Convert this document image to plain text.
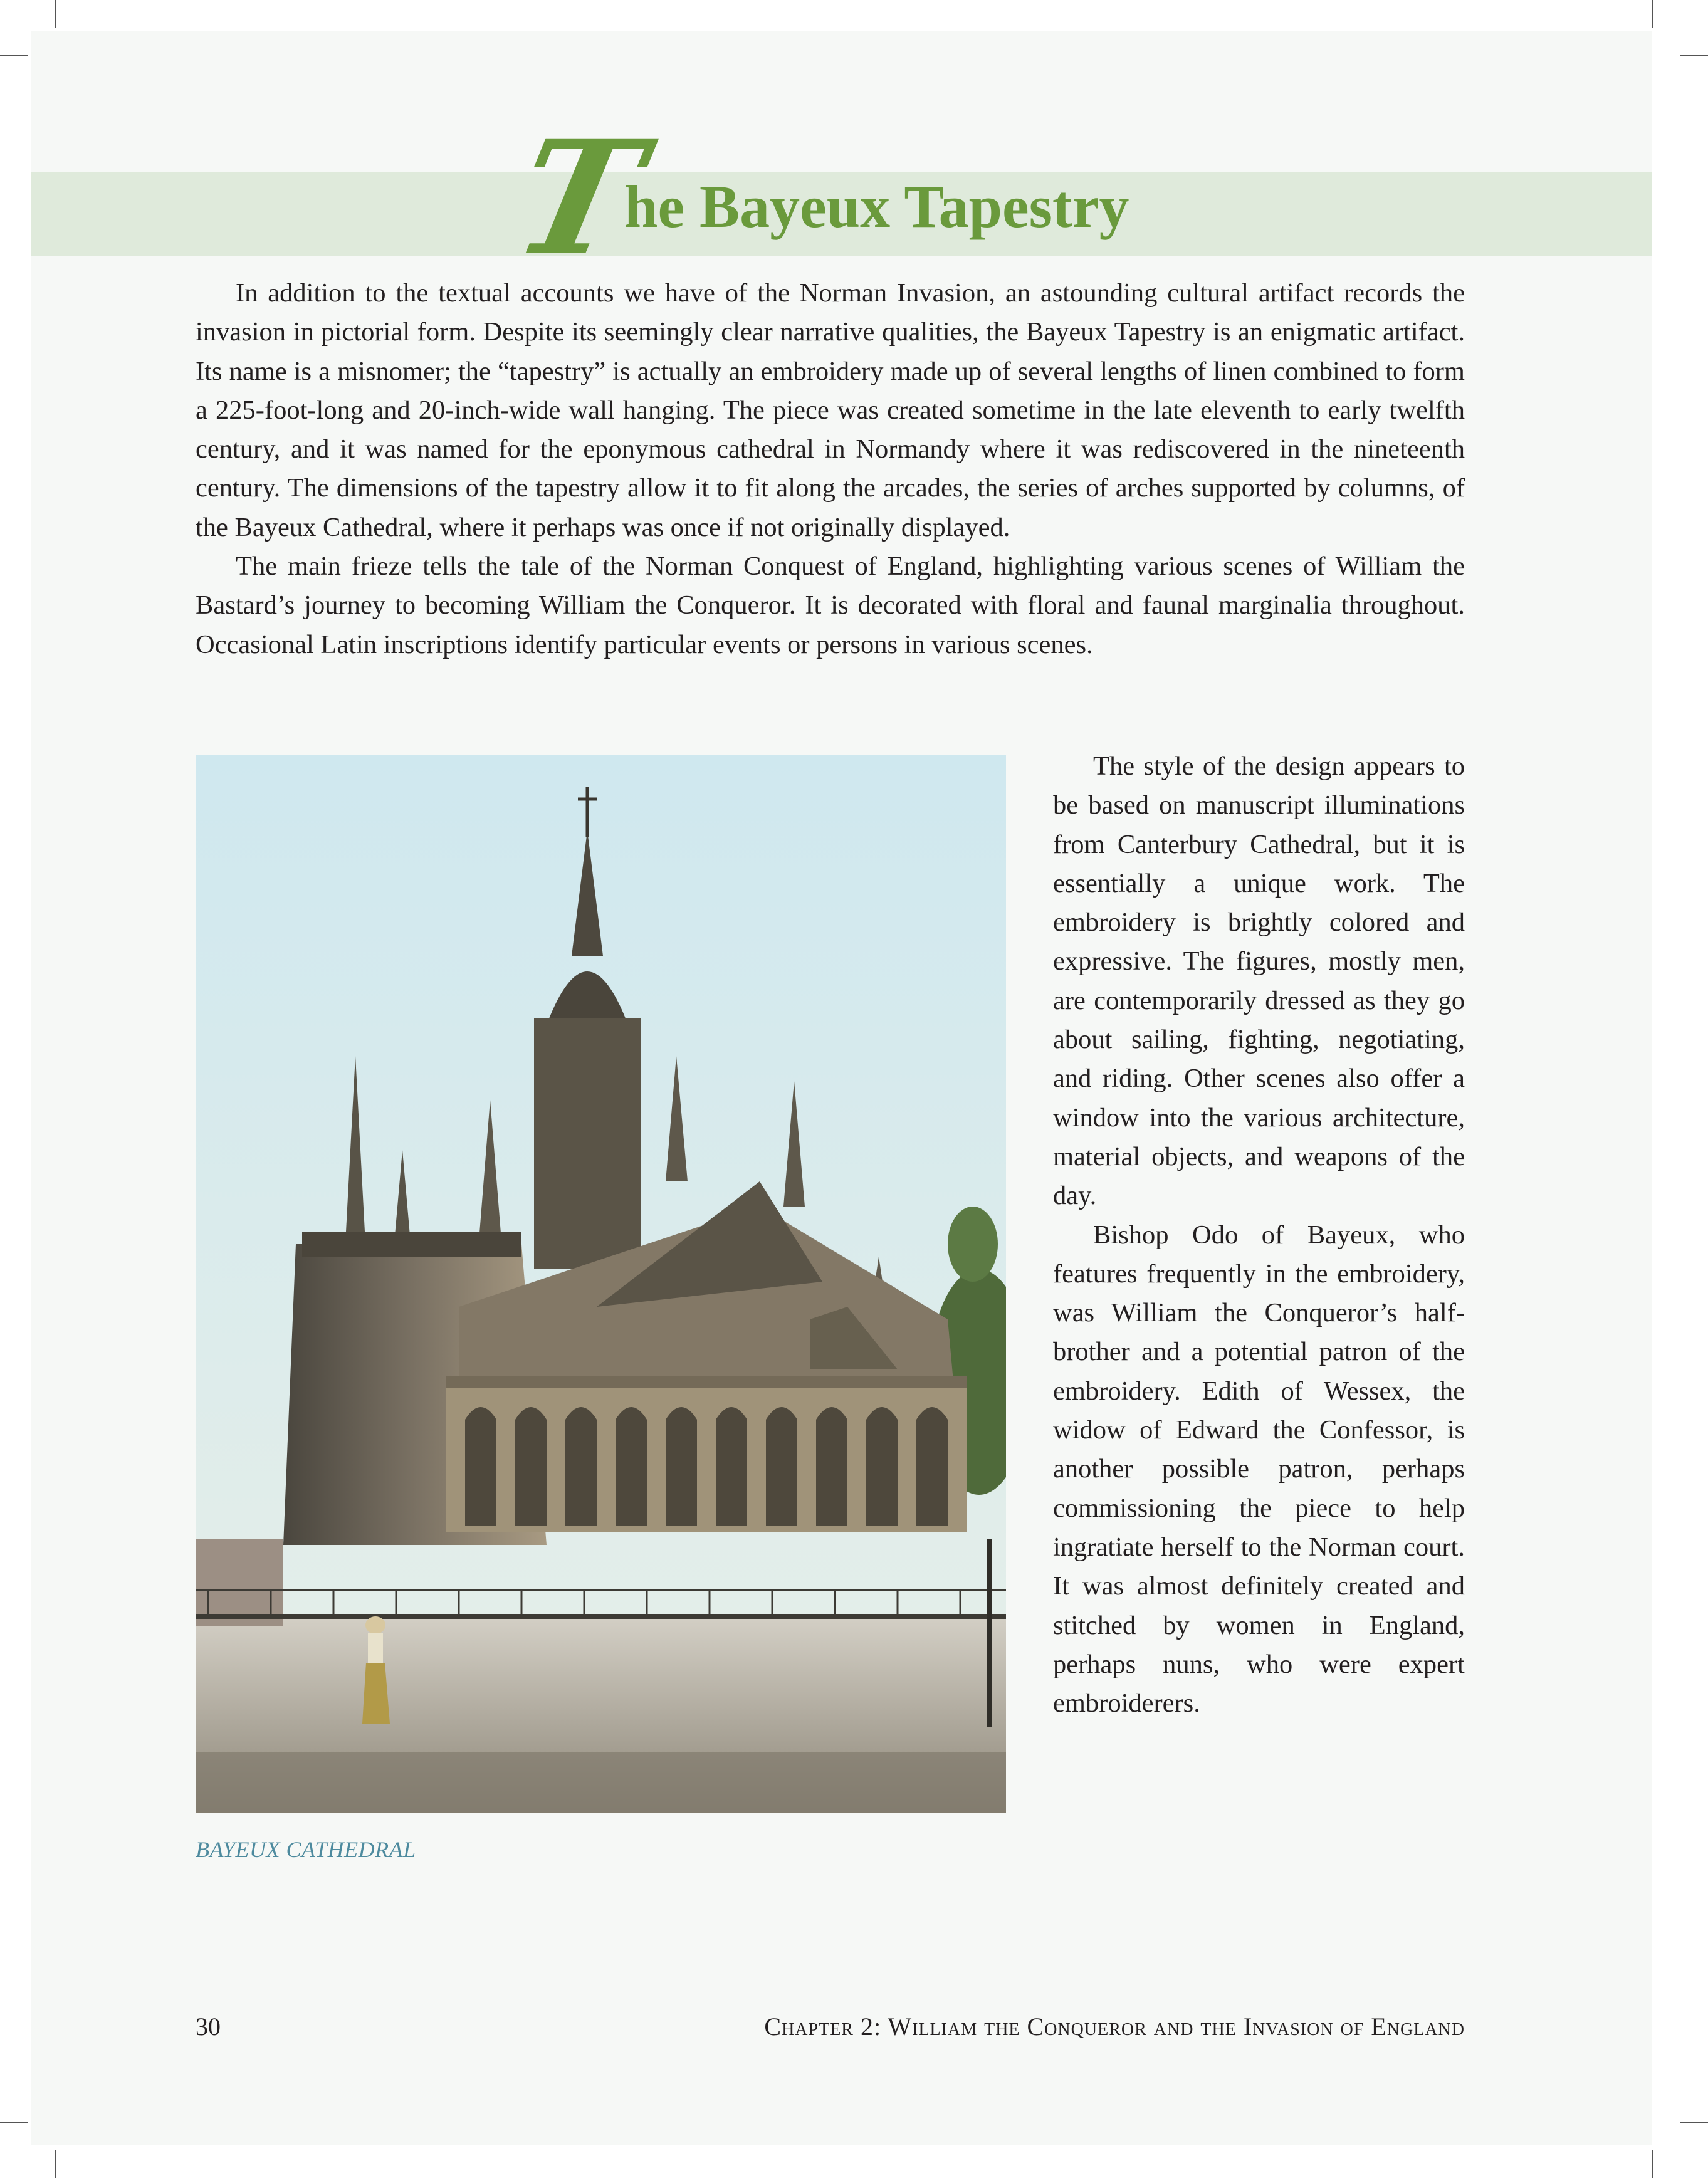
The Bayeux Tapestry

In addition to the textual accounts we have of the Norman Invasion, an astounding cultural artifact records the invasion in pictorial form. Despite its seemingly clear narrative qualities, the Bayeux Tapestry is an enigmatic artifact. Its name is a misnomer; the “tapestry” is actually an embroidery made up of several lengths of linen combined to form a 225-foot-long and 20-inch-wide wall hanging. The piece was created sometime in the late eleventh to early twelfth century, and it was named for the eponymous cathedral in Normandy where it was rediscovered in the nineteenth century. The dimensions of the tapestry allow it to fit along the arcades, the series of arches supported by columns, of the Bayeux Cathedral, where it perhaps was once if not originally displayed.

The main frieze tells the tale of the Norman Conquest of England, highlighting various scenes of William the Bastard’s journey to becoming William the Conqueror. It is decorated with floral and faunal marginalia throughout. Occasional Latin inscriptions identify particular events or persons in various scenes.

The style of the design appears to be based on manuscript illuminations from Canterbury Cathedral, but it is essentially a unique work. The embroidery is brightly colored and expressive. The figures, mostly men, are contemporarily dressed as they go about sailing, fighting, negotiating, and riding. Other scenes also offer a window into the various architecture, material objects, and weapons of the day.

Bishop Odo of Bayeux, who features frequently in the embroidery, was William the Conqueror’s half-brother and a potential patron of the embroidery. Edith of Wessex, the widow of Edward the Confessor, is another possible patron, perhaps commissioning the piece to help ingratiate herself to the Norman court. It was almost definitely created and stitched by women in England, perhaps nuns, who were expert embroiderers.

BAYEUX CATHEDRAL
30	Chapter 2: William the Conqueror and the Invasion of England
